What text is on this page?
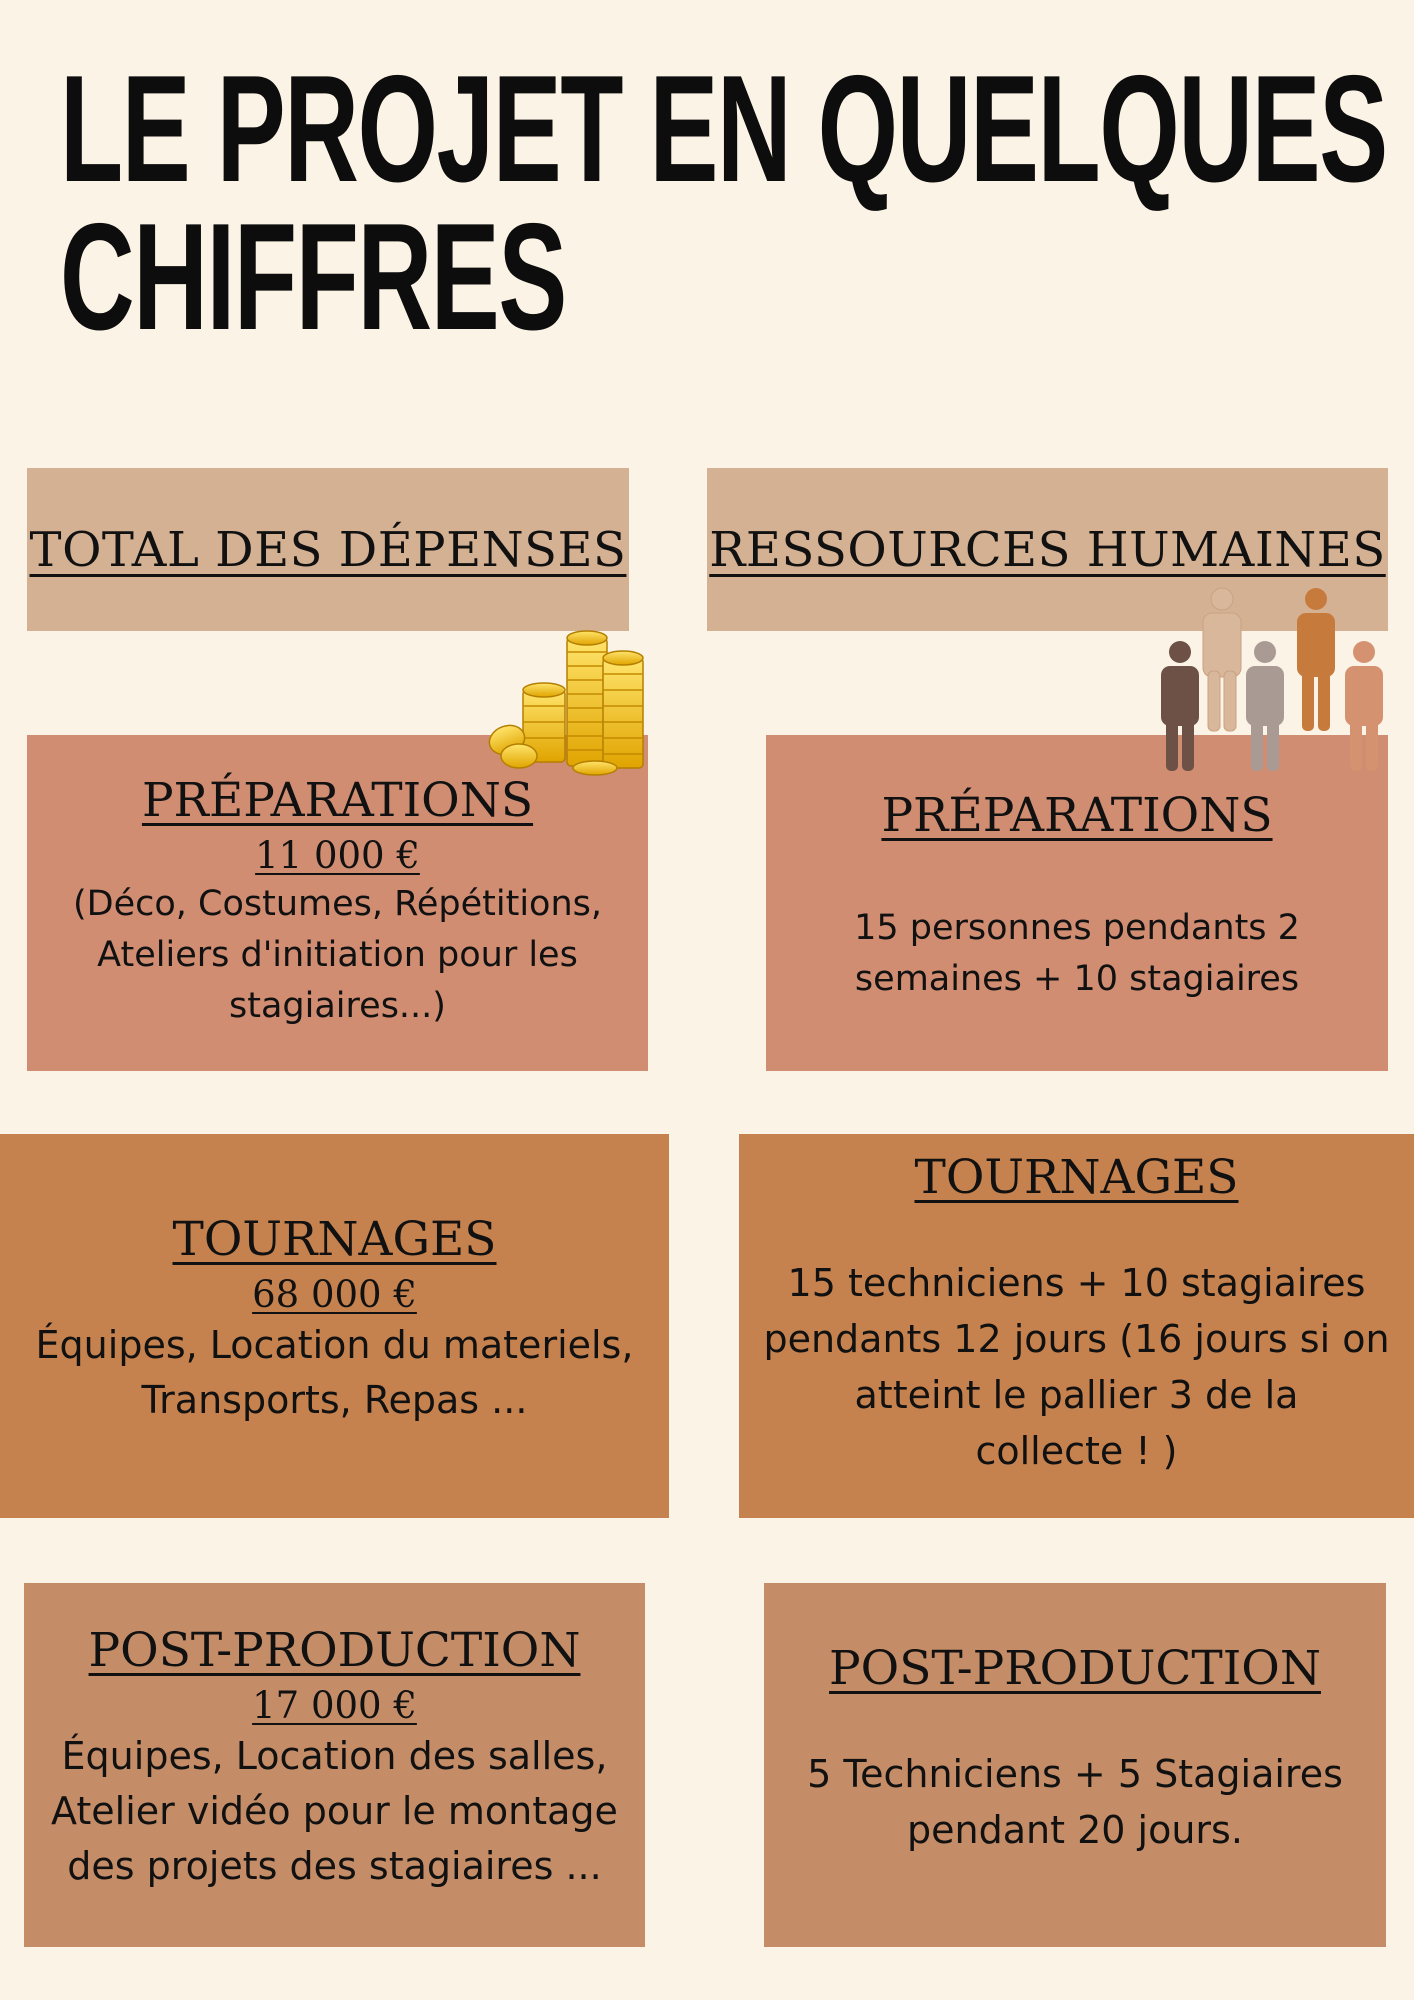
LE PROJET EN QUELQUES
CHIFFRES
TOTAL DES DÉPENSES RESSOURCES HUMAINES
PRÉPARATIONS
11 000 €
(Déco, Costumes, Répétitions,
Ateliers d'initiation pour les
stagiaires...)
PRÉPARATIONS
15 personnes pendants 2
semaines + 10 stagiaires
TOURNAGES
68 000 €
Équipes, Location du materiels,
Transports, Repas ...
TOURNAGES
15 techniciens + 10 stagiaires
pendants 12 jours (16 jours si on
atteint le pallier 3 de la
collecte ! )
POST-PRODUCTION
17 000 €
Équipes, Location des salles,
Atelier vidéo pour le montage
des projets des stagiaires ...
POST-PRODUCTION
5 Techniciens + 5 Stagiaires
pendant 20 jours.
